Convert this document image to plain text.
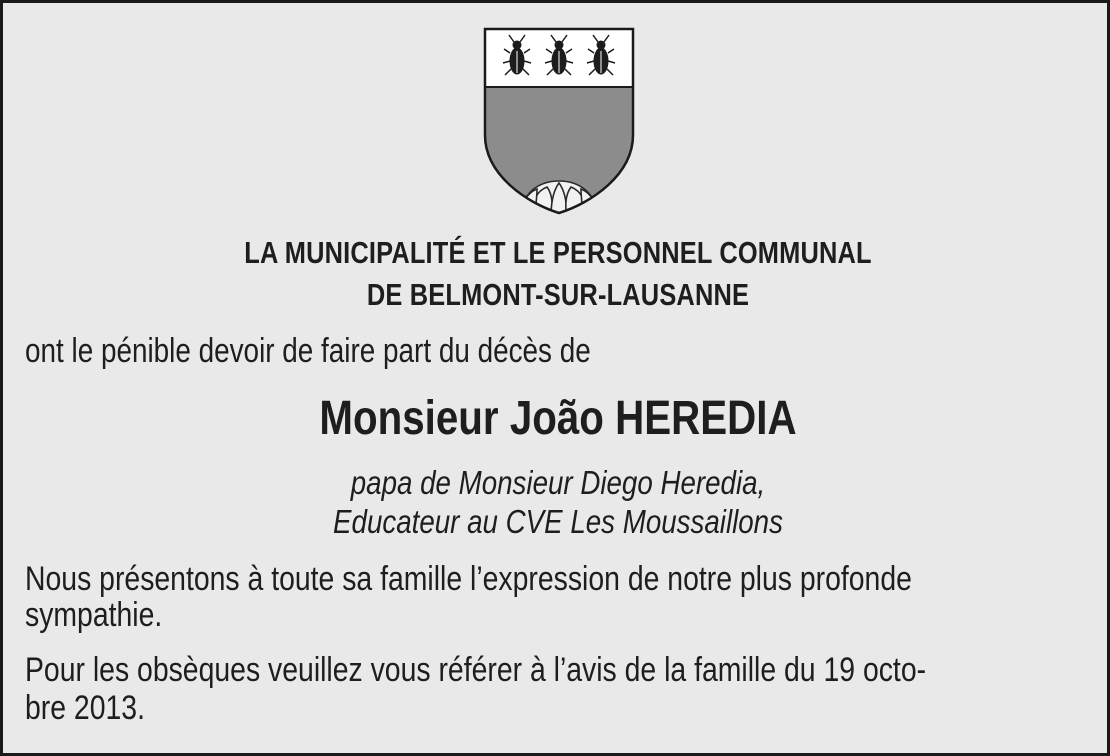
LA MUNICIPALITÉ ET LE PERSONNEL COMMUNAL
DE BELMONT-SUR-LAUSANNE
ont le pénible devoir de faire part du décès de
Monsieur João HEREDIA
papa de Monsieur Diego Heredia,
Educateur au CVE Les Moussaillons
Nous présentons à toute sa famille l’expression de notre plus profonde
sympathie.
Pour les obsèques veuillez vous référer à l’avis de la famille du 19 octo-
bre 2013.
